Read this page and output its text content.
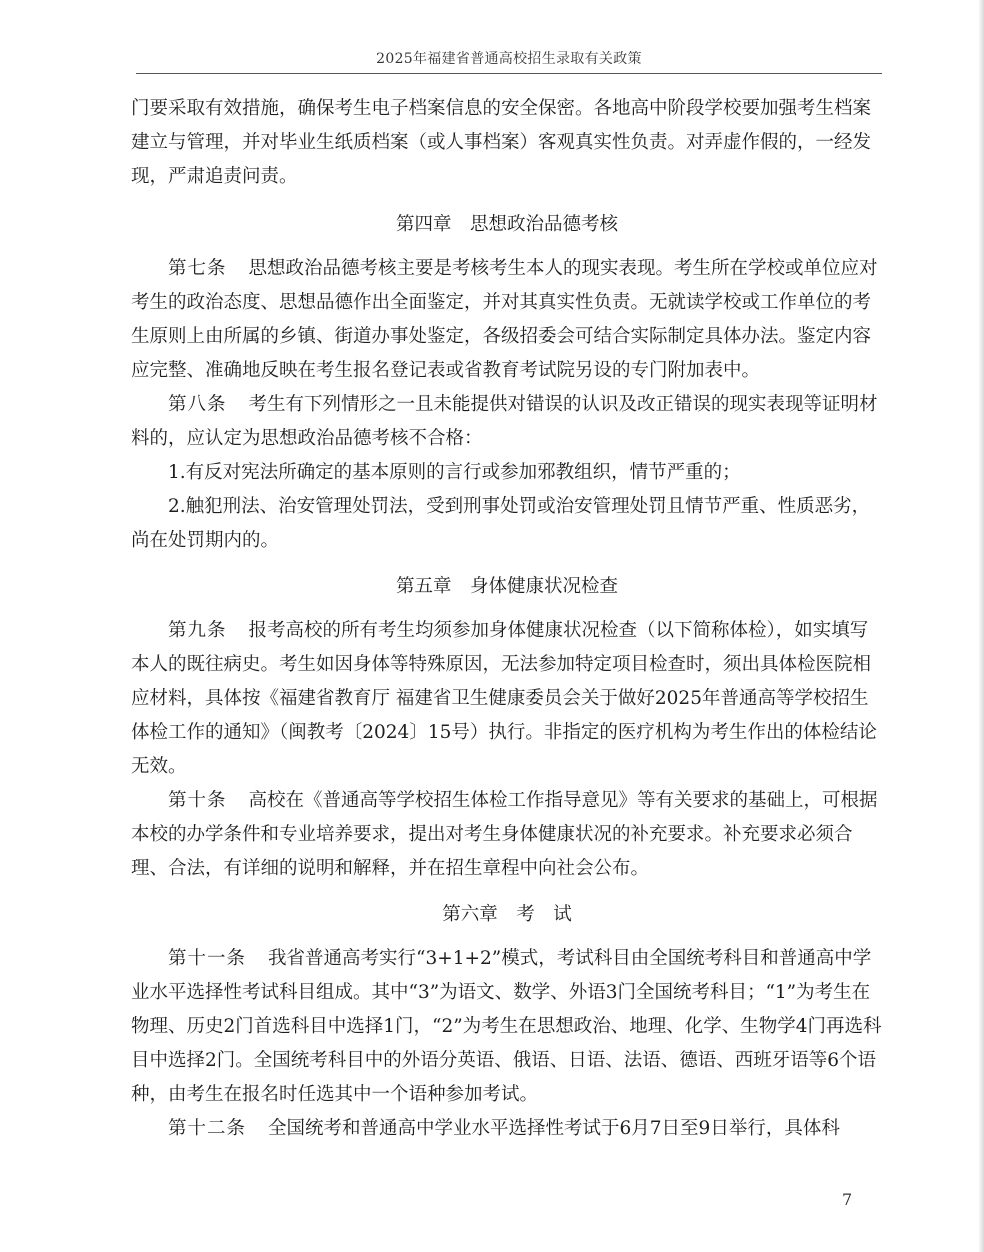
2025年福建省普通高校招生录取有关政策

门要采取有效措施，确保考生电子档案信息的安全保密。各地高中阶段学校要加强考生档案建立与管理，并对毕业生纸质档案（或人事档案）客观真实性负责。对弄虚作假的，一经发现，严肃追责问责。

第四章　思想政治品德考核

第七条 思想政治品德考核主要是考核考生本人的现实表现。考生所在学校或单位应对考生的政治态度、思想品德作出全面鉴定，并对其真实性负责。无就读学校或工作单位的考生原则上由所属的乡镇、街道办事处鉴定，各级招委会可结合实际制定具体办法。鉴定内容应完整、准确地反映在考生报名登记表或省教育考试院另设的专门附加表中。

第八条 考生有下列情形之一且未能提供对错误的认识及改正错误的现实表现等证明材料的，应认定为思想政治品德考核不合格：

1.有反对宪法所确定的基本原则的言行或参加邪教组织，情节严重的；

2.触犯刑法、治安管理处罚法，受到刑事处罚或治安管理处罚且情节严重、性质恶劣，尚在处罚期内的。

第五章　身体健康状况检查

第九条 报考高校的所有考生均须参加身体健康状况检查（以下简称体检），如实填写本人的既往病史。考生如因身体等特殊原因，无法参加特定项目检查时，须出具体检医院相应材料，具体按《福建省教育厅 福建省卫生健康委员会关于做好2025年普通高等学校招生体检工作的通知》（闽教考〔2024〕15号）执行。非指定的医疗机构为考生作出的体检结论无效。

第十条 高校在《普通高等学校招生体检工作指导意见》等有关要求的基础上，可根据本校的办学条件和专业培养要求，提出对考生身体健康状况的补充要求。补充要求必须合理、合法，有详细的说明和解释，并在招生章程中向社会公布。

第六章　考　试

第十一条 我省普通高考实行“3+1+2”模式，考试科目由全国统考科目和普通高中学业水平选择性考试科目组成。其中“3”为语文、数学、外语3门全国统考科目；“1”为考生在物理、历史2门首选科目中选择1门，“2”为考生在思想政治、地理、化学、生物学4门再选科目中选择2门。全国统考科目中的外语分英语、俄语、日语、法语、德语、西班牙语等6个语种，由考生在报名时任选其中一个语种参加考试。

第十二条 全国统考和普通高中学业水平选择性考试于6月7日至9日举行，具体科

7
